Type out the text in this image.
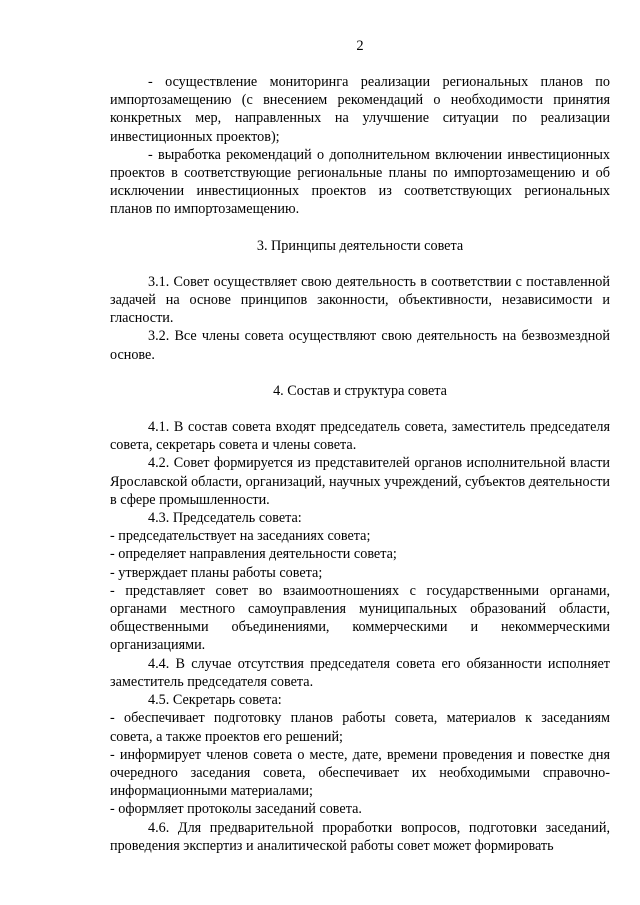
2

- осуществление мониторинга реализации региональных планов по импортозамещению (с внесением рекомендаций о необходимости принятия конкретных мер, направленных на улучшение ситуации по реализации инвестиционных проектов);

- выработка рекомендаций о дополнительном включении инвестиционных проектов в соответствующие региональные планы по импортозамещению и об исключении инвестиционных проектов из соответствующих региональных планов по импортозамещению.

3. Принципы деятельности совета

3.1. Совет осуществляет свою деятельность в соответствии с поставленной задачей на основе принципов законности, объективности, независимости и гласности.

3.2. Все члены совета осуществляют свою деятельность на безвозмездной основе.

4. Состав и структура совета

4.1. В состав совета входят председатель совета, заместитель председателя совета, секретарь совета и члены совета.

4.2. Совет формируется из представителей органов исполнительной власти Ярославской области, организаций, научных учреждений, субъектов деятельности в сфере промышленности.

4.3. Председатель совета:

- председательствует на заседаниях совета;

- определяет направления деятельности совета;

- утверждает планы работы совета;

- представляет совет во взаимоотношениях с государственными органами, органами местного самоуправления муниципальных образований области, общественными объединениями, коммерческими и некоммерческими организациями.

4.4. В случае отсутствия председателя совета его обязанности исполняет заместитель председателя совета.

4.5. Секретарь совета:

- обеспечивает подготовку планов работы совета, материалов к заседаниям совета, а также проектов его решений;

- информирует членов совета о месте, дате, времени проведения и повестке дня очередного заседания совета, обеспечивает их необходимыми справочно-информационными материалами;

- оформляет протоколы заседаний совета.

4.6. Для предварительной проработки вопросов, подготовки заседаний, проведения экспертиз и аналитической работы совет может формировать
